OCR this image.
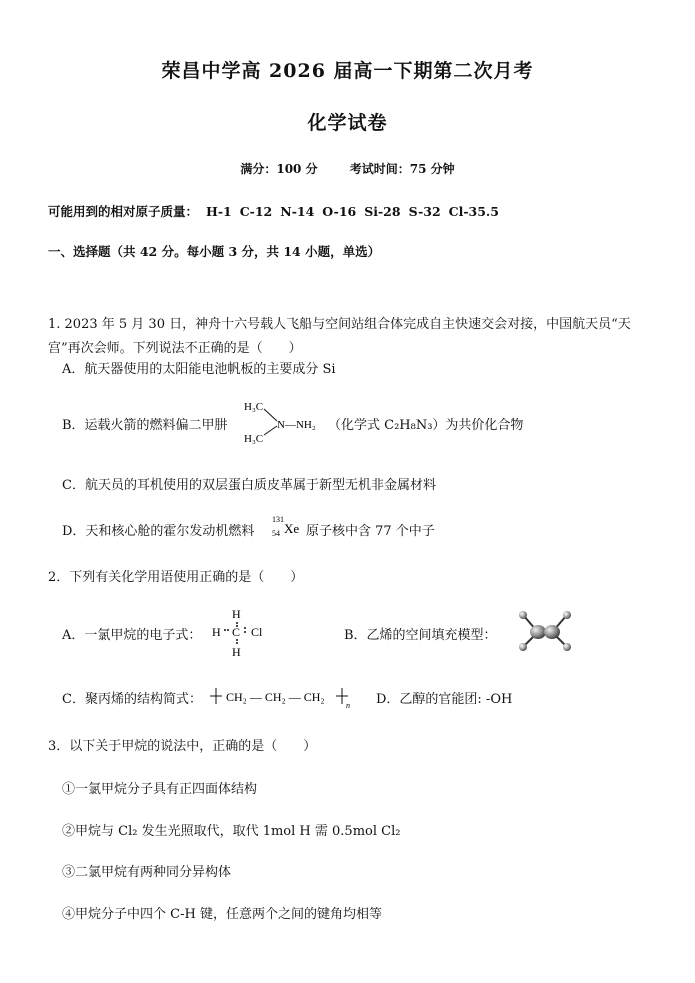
荣昌中学高 2026 届高一下期第二次月考
化学试卷
满分：100 分	考试时间：75 分钟
可能用到的相对原子质量： H-1 C-12 N-14 O-16 Si-28 S-32 Cl-35.5
一、选择题（共 42 分。每小题 3 分，共 14 小题，单选）
1. 2023 年 5 月 30 日，神舟十六号载人飞船与空间站组合体完成自主快速交会对接，中国航天员“天
宫”再次会师。下列说法不正确的是（　　）
A．航天器使用的太阳能电池帆板的主要成分 Si
B．运载火箭的燃料偏二甲肼
H₃C
H₃C
N—NH₂ （化学式 C₂H₈N₃）为共价化合物
C．航天员的耳机使用的双层蛋白质皮革属于新型无机非金属材料
D．天和核心舱的霍尔发动机燃料
131
54 Xe 原子核中含 77 个中子
2．下列有关化学用语使用正确的是（　　）
A．一氯甲烷的电子式：
H
H C Cl
H
B．乙烯的空间填充模型：
C．聚丙烯的结构简式： CH₂ — CH₂ — CH₂
n D．乙醇的官能团: -OH
3．以下关于甲烷的说法中，正确的是（　　）
①一氯甲烷分子具有正四面体结构
②甲烷与 Cl₂ 发生光照取代，取代 1mol H 需 0.5mol Cl₂
③二氯甲烷有两种同分异构体
④甲烷分子中四个 C-H 键，任意两个之间的键角均相等
